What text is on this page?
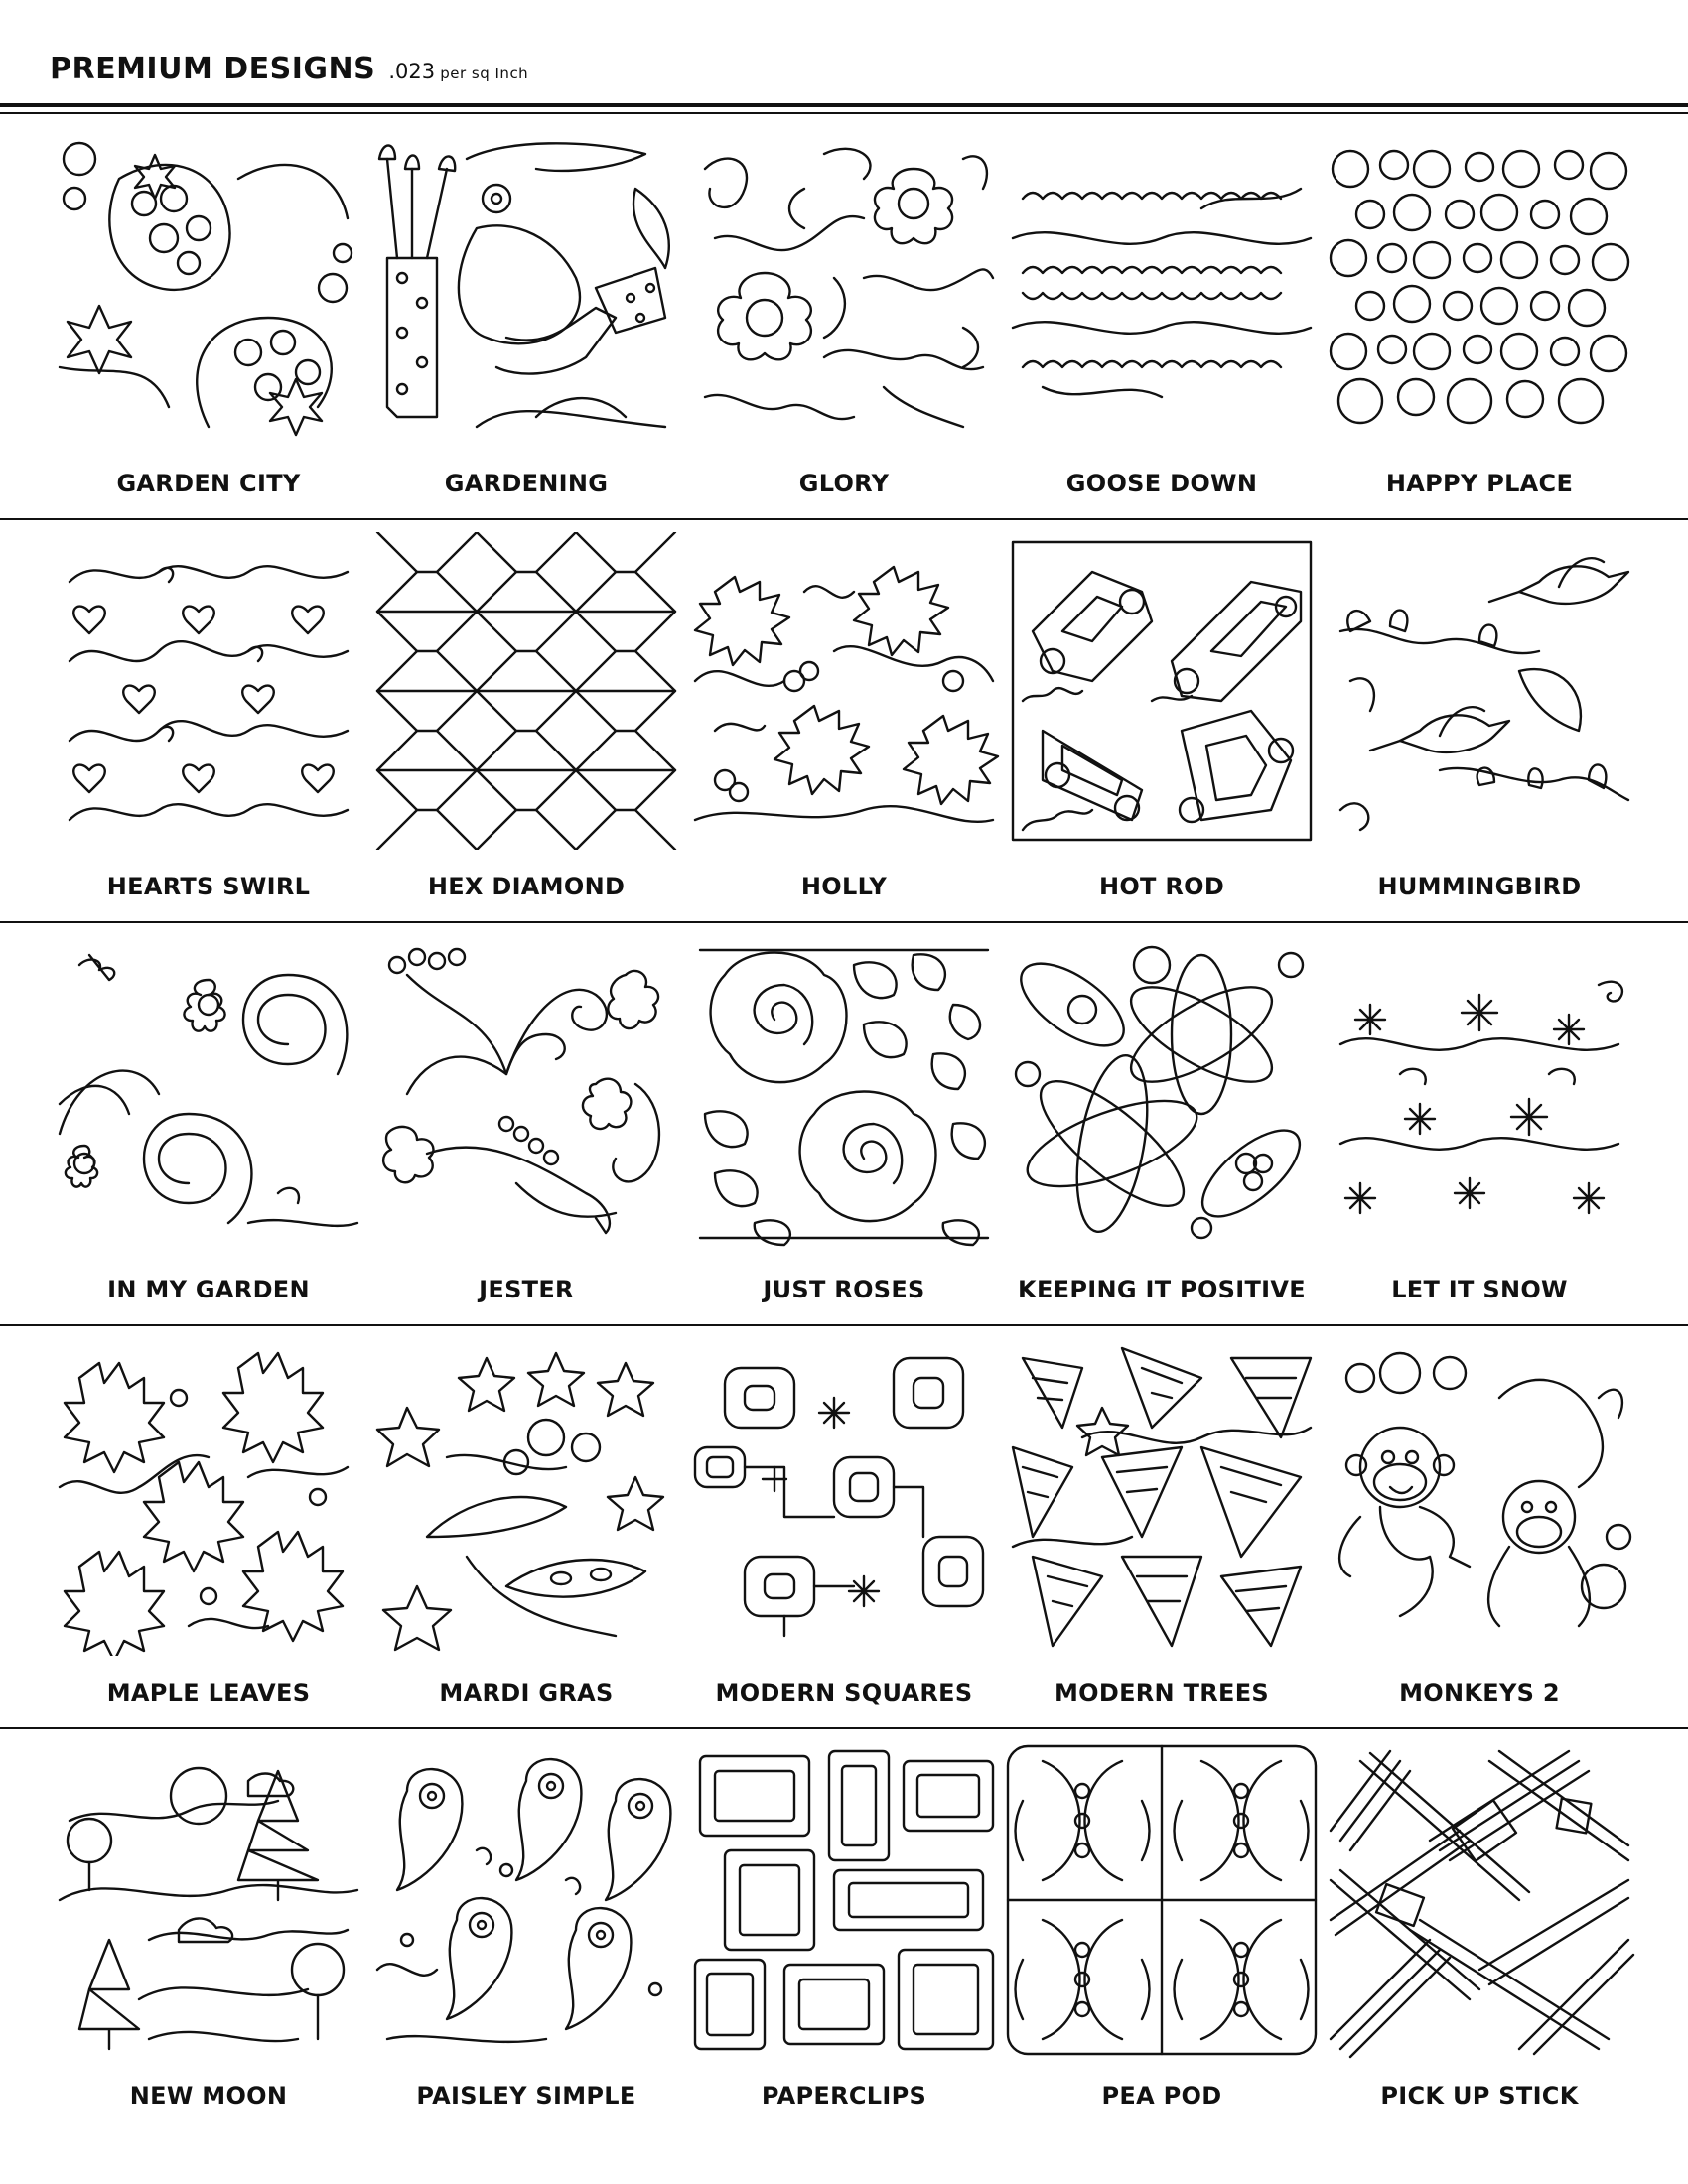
PREMIUM DESIGNS .023 per sq Inch
GARDEN CITY	GARDENING	GLORY	GOOSE DOWN	HAPPY PLACE
HEARTS SWIRL	HEX DIAMOND	HOLLY	HOT ROD	HUMMINGBIRD
IN MY GARDEN	JESTER	JUST ROSES	KEEPING IT POSITIVE	LET IT SNOW
MAPLE LEAVES	MARDI GRAS	MODERN SQUARES	MODERN TREES	MONKEYS 2
NEW MOON	PAISLEY SIMPLE	PAPERCLIPS	PEA POD	PICK UP STICK
